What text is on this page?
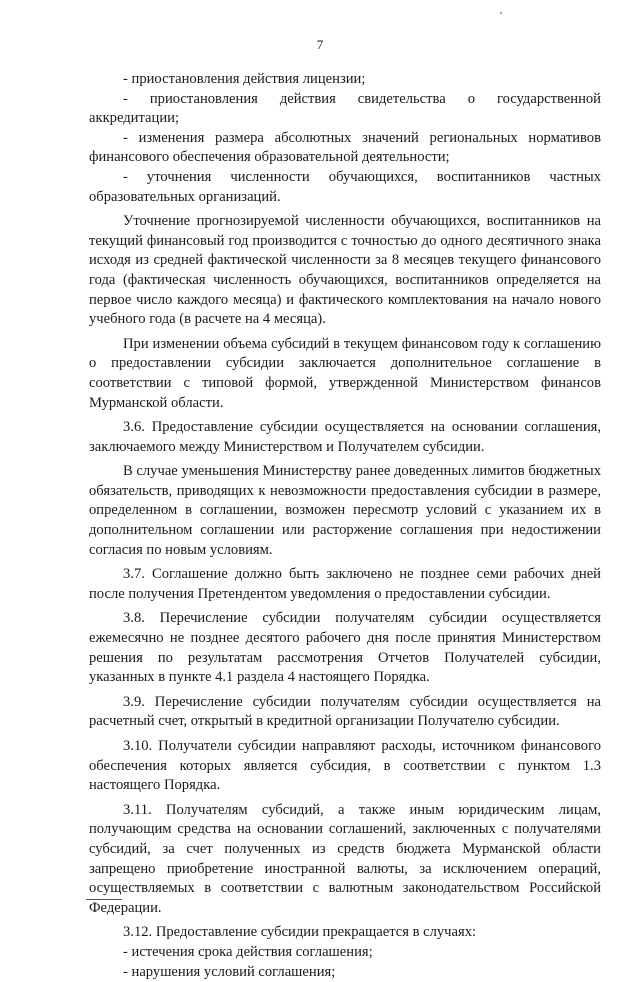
7

- приостановления действия лицензии;

- приостановления действия свидетельства о государственной аккредитации;

- изменения размера абсолютных значений региональных нормативов финансового обеспечения образовательной деятельности;

- уточнения численности обучающихся, воспитанников частных образовательных организаций.

Уточнение прогнозируемой численности обучающихся, воспитанников на текущий финансовый год производится с точностью до одного десятичного знака исходя из средней фактической численности за 8 месяцев текущего финансового года (фактическая численность обучающихся, воспитанников определяется на первое число каждого месяца) и фактического комплектования на начало нового учебного года (в расчете на 4 месяца).

При изменении объема субсидий в текущем финансовом году к соглашению о предоставлении субсидии заключается дополнительное соглашение в соответствии с типовой формой, утвержденной Министерством финансов Мурманской области.

3.6. Предоставление субсидии осуществляется на основании соглашения, заключаемого между Министерством и Получателем субсидии.

В случае уменьшения Министерству ранее доведенных лимитов бюджетных обязательств, приводящих к невозможности предоставления субсидии в размере, определенном в соглашении, возможен пересмотр условий с указанием их в дополнительном соглашении или расторжение соглашения при недостижении согласия по новым условиям.

3.7. Соглашение должно быть заключено не позднее семи рабочих дней после получения Претендентом уведомления о предоставлении субсидии.

3.8. Перечисление субсидии получателям субсидии осуществляется ежемесячно не позднее десятого рабочего дня после принятия Министерством решения по результатам рассмотрения Отчетов Получателей субсидии, указанных в пункте 4.1 раздела 4 настоящего Порядка.

3.9. Перечисление субсидии получателям субсидии осуществляется на расчетный счет, открытый в кредитной организации Получателю субсидии.

3.10. Получатели субсидии направляют расходы, источником финансового обеспечения которых является субсидия, в соответствии с пунктом 1.3 настоящего Порядка.

3.11. Получателям субсидий, а также иным юридическим лицам, получающим средства на основании соглашений, заключенных с получателями субсидий, за счет полученных из средств бюджета Мурманской области запрещено приобретение иностранной валюты, за исключением операций, осуществляемых в соответствии с валютным законодательством Российской Федерации.

3.12. Предоставление субсидии прекращается в случаях:

- истечения срока действия соглашения;

- нарушения условий соглашения;
